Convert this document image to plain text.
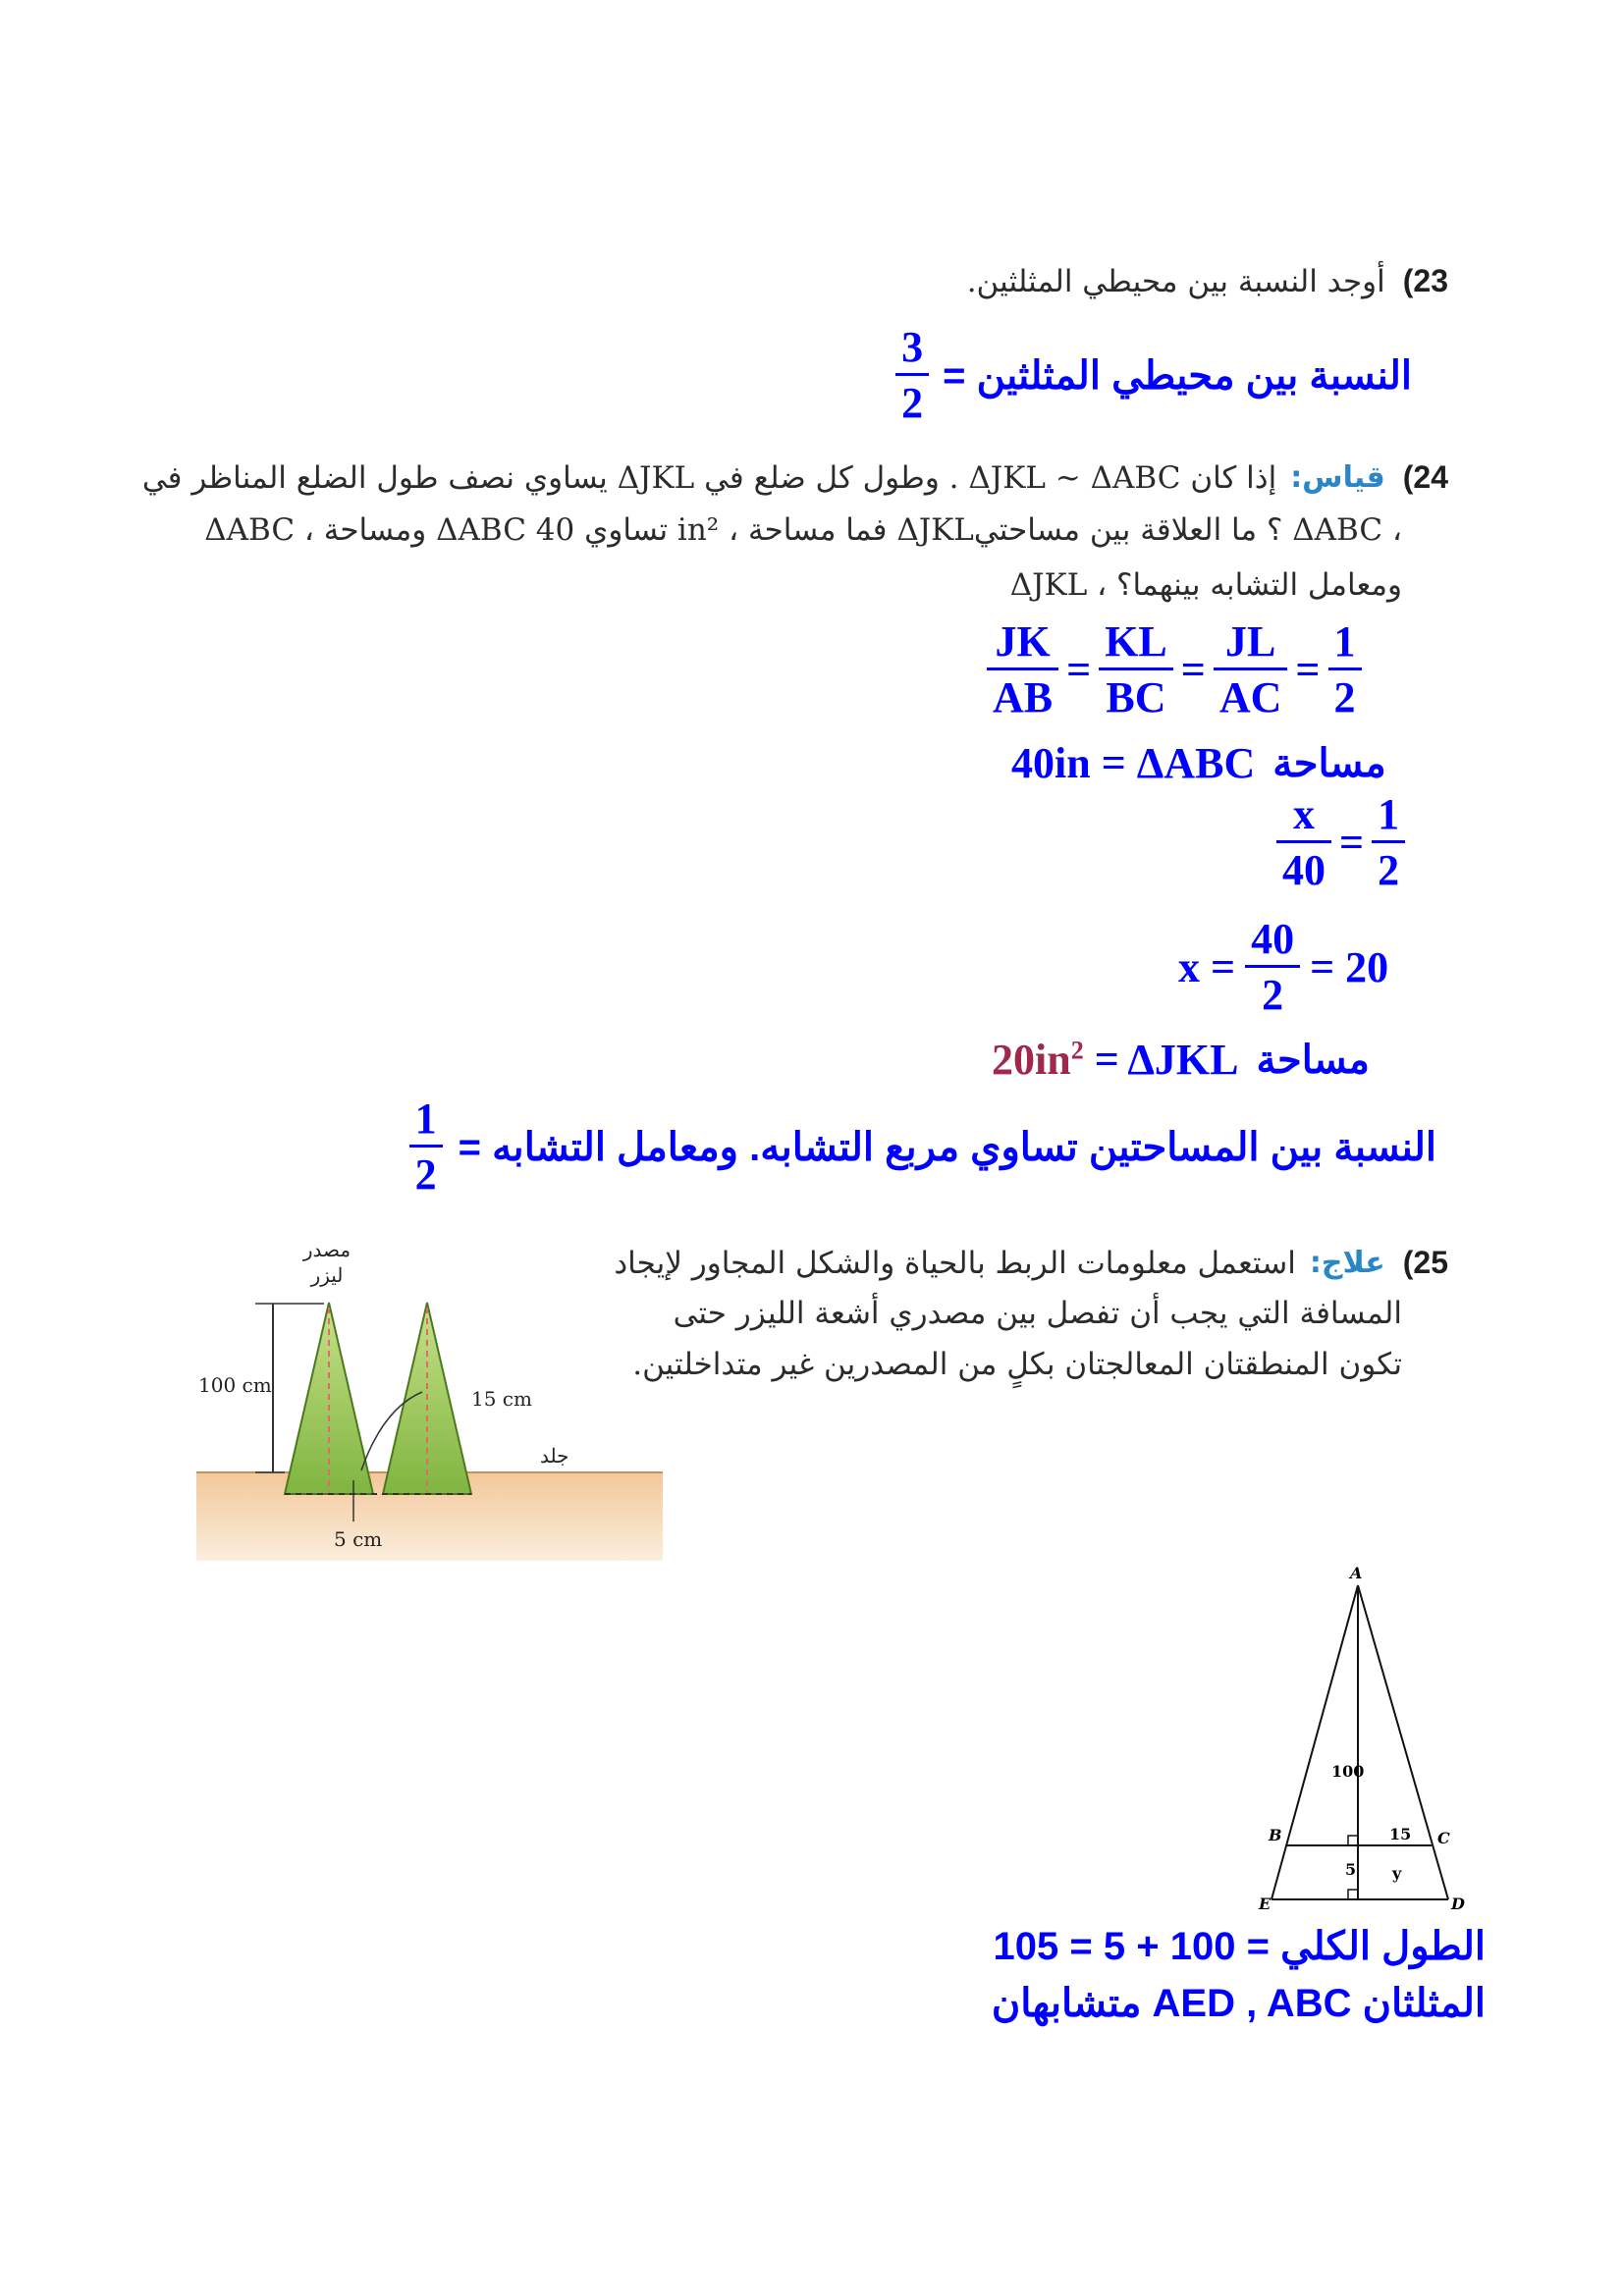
23)
أوجد النسبة بين محيطي المثلثين.
النسبة بين محيطي المثلثين =
$\frac{3}{2}$
24)
قياس:
إذا كان ΔJKL ~ ΔABC . وطول كل ضلع في ΔJKL يساوي نصف طول الضلع المناظر في
ΔABC ، ومساحة ΔABC تساوي 40 in² ، فما مساحة ΔJKL؟ ما العلاقة بين مساحتي ΔABC ،
ΔJKL ، ومعامل التشابه بينهما؟
$\frac{JK}{AB} = \frac{KL}{BC} = \frac{JL}{AC} = \frac{1}{2}$
40in = ΔABC مساحة
$\frac{x}{40} = \frac{1}{2}$
$x = \frac{40}{2} = 20$
$20in^2 = \Delta JKL$ مساحة
النسبة بين المساحتين تساوي مربع التشابه. ومعامل التشابه =
$\frac{1}{2}$
25)
علاج:
استعمل معلومات الربط بالحياة والشكل المجاور لإيجاد
المسافة التي يجب أن تفصل بين مصدري أشعة الليزر حتى
تكون المنطقتان المعالجتان بكلٍ من المصدرين غير متداخلتين.
مصدر
ليزر
100 cm
15 cm
5 cm
جلد
A
B	C
E	D
100
15
5 y
الطول الكلي = 100 + 5 = 105
المثلثان AED , ABC متشابهان
